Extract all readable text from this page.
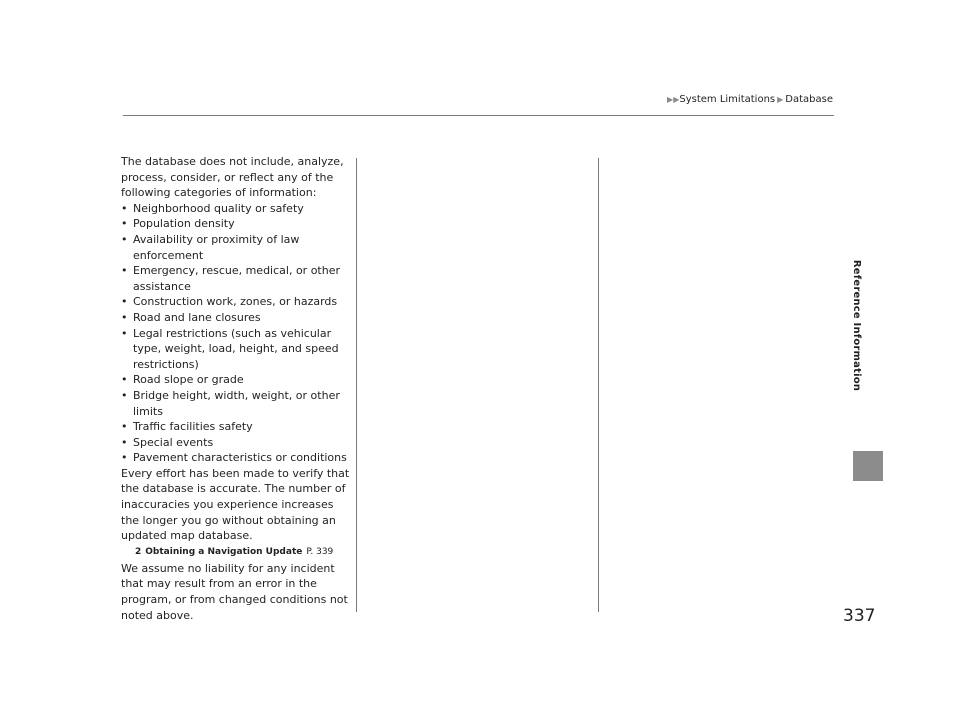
▶▶ System Limitations ▶ Database
Reference Information
337

The database does not include, analyze, process, consider, or reflect any of the following categories of information:

• Neighborhood quality or safety
• Population density
• Availability or proximity of law enforcement
• Emergency, rescue, medical, or other assistance
• Construction work, zones, or hazards
• Road and lane closures
• Legal restrictions (such as vehicular type, weight, load, height, and speed restrictions)
• Road slope or grade
• Bridge height, width, weight, or other limits
• Traffic facilities safety
• Special events
• Pavement characteristics or conditions

Every effort has been made to verify that the database is accurate. The number of inaccuracies you experience increases the longer you go without obtaining an updated map database.

2 Obtaining a Navigation Update P. 339

We assume no liability for any incident that may result from an error in the program, or from changed conditions not noted above.
